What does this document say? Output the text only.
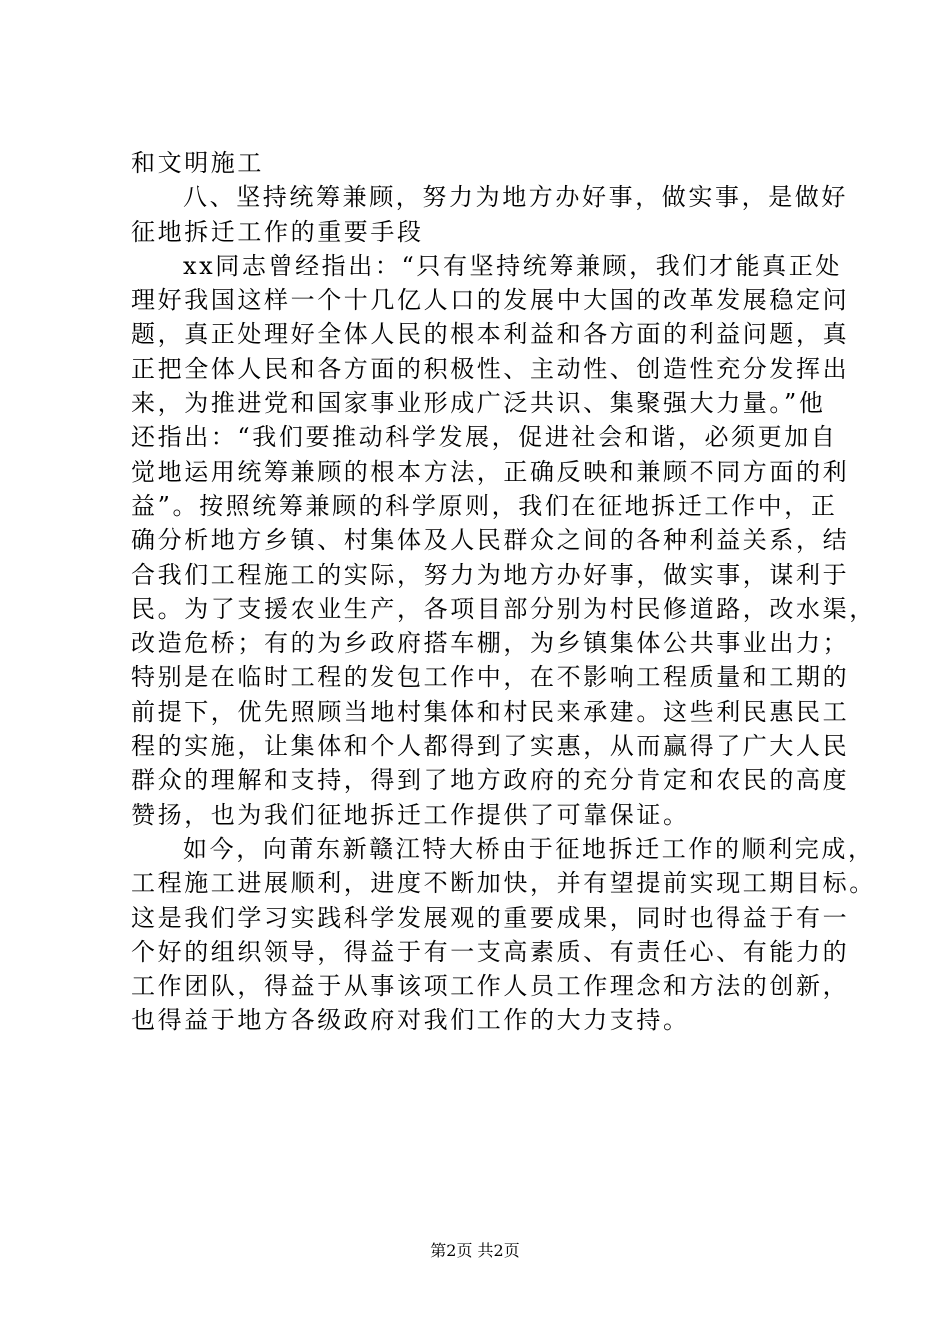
和文明施工
八、坚持统筹兼顾，努力为地方办好事，做实事，是做好
征地拆迁工作的重要手段
xx同志曾经指出：“只有坚持统筹兼顾，我们才能真正处
理好我国这样一个十几亿人口的发展中大国的改革发展稳定问
题，真正处理好全体人民的根本利益和各方面的利益问题，真
正把全体人民和各方面的积极性、主动性、创造性充分发挥出
来，为推进党和国家事业形成广泛共识、集聚强大力量。”他
还指出：“我们要推动科学发展，促进社会和谐，必须更加自
觉地运用统筹兼顾的根本方法，正确反映和兼顾不同方面的利
益”。按照统筹兼顾的科学原则，我们在征地拆迁工作中，正
确分析地方乡镇、村集体及人民群众之间的各种利益关系，结
合我们工程施工的实际，努力为地方办好事，做实事，谋利于
民。为了支援农业生产，各项目部分别为村民修道路，改水渠，
改造危桥；有的为乡政府搭车棚，为乡镇集体公共事业出力；
特别是在临时工程的发包工作中，在不影响工程质量和工期的
前提下，优先照顾当地村集体和村民来承建。这些利民惠民工
程的实施，让集体和个人都得到了实惠，从而赢得了广大人民
群众的理解和支持，得到了地方政府的充分肯定和农民的高度
赞扬，也为我们征地拆迁工作提供了可靠保证。
如今，向莆东新赣江特大桥由于征地拆迁工作的顺利完成，
工程施工进展顺利，进度不断加快，并有望提前实现工期目标。
这是我们学习实践科学发展观的重要成果，同时也得益于有一
个好的组织领导，得益于有一支高素质、有责任心、有能力的
工作团队，得益于从事该项工作人员工作理念和方法的创新，
也得益于地方各级政府对我们工作的大力支持。
第2页 共2页
